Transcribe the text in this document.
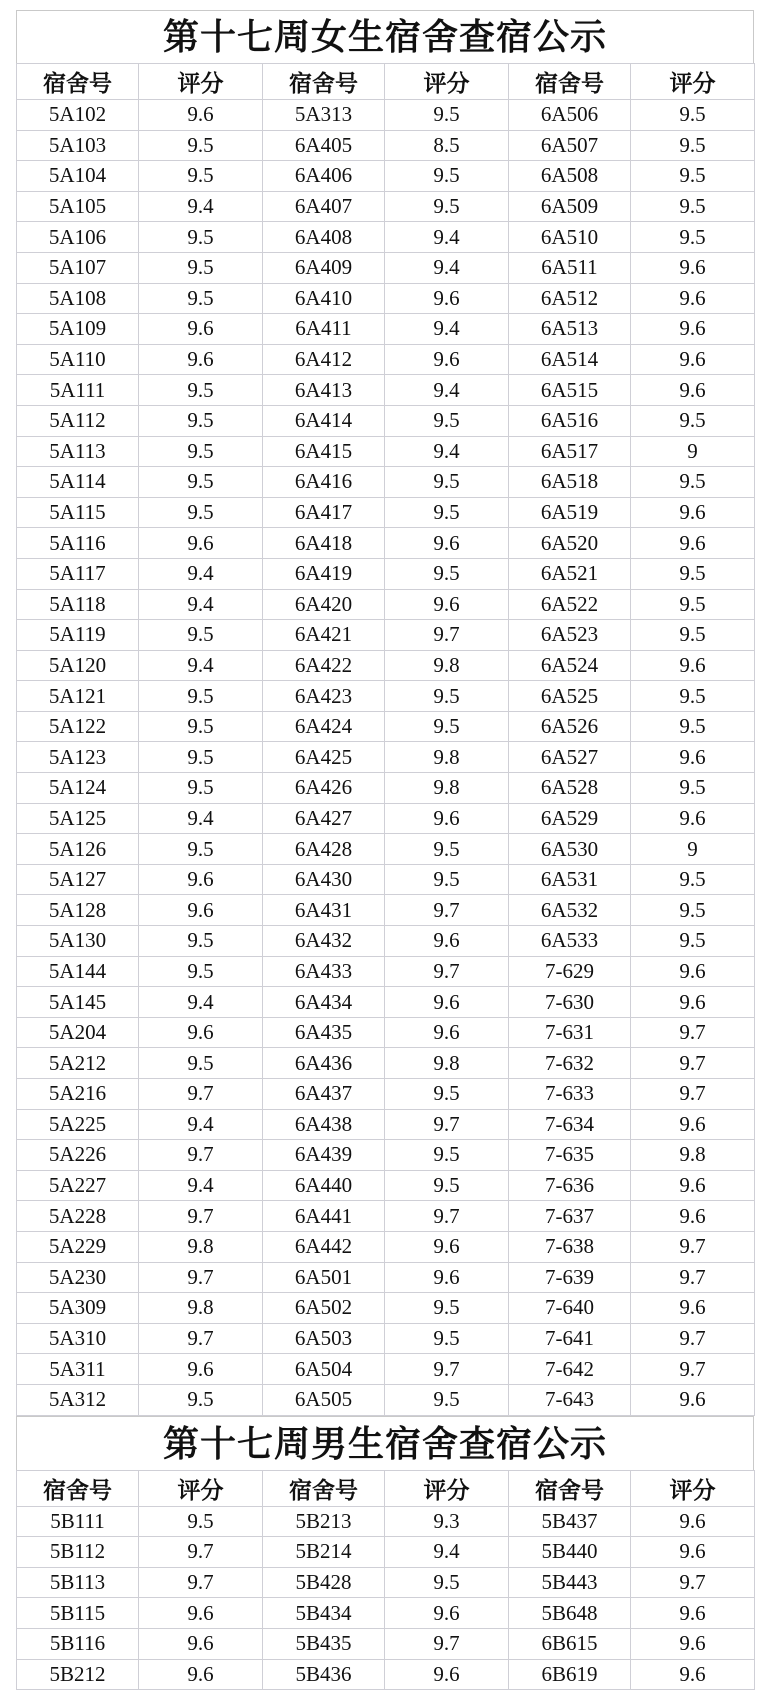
第十七周女生宿舍查宿公示
宿舍号	评分	宿舍号	评分	宿舍号	评分
5A102	9.6	5A313	9.5	6A506	9.5
5A103	9.5	6A405	8.5	6A507	9.5
5A104	9.5	6A406	9.5	6A508	9.5
5A105	9.4	6A407	9.5	6A509	9.5
5A106	9.5	6A408	9.4	6A510	9.5
5A107	9.5	6A409	9.4	6A511	9.6
5A108	9.5	6A410	9.6	6A512	9.6
5A109	9.6	6A411	9.4	6A513	9.6
5A110	9.6	6A412	9.6	6A514	9.6
5A111	9.5	6A413	9.4	6A515	9.6
5A112	9.5	6A414	9.5	6A516	9.5
5A113	9.5	6A415	9.4	6A517	9
5A114	9.5	6A416	9.5	6A518	9.5
5A115	9.5	6A417	9.5	6A519	9.6
5A116	9.6	6A418	9.6	6A520	9.6
5A117	9.4	6A419	9.5	6A521	9.5
5A118	9.4	6A420	9.6	6A522	9.5
5A119	9.5	6A421	9.7	6A523	9.5
5A120	9.4	6A422	9.8	6A524	9.6
5A121	9.5	6A423	9.5	6A525	9.5
5A122	9.5	6A424	9.5	6A526	9.5
5A123	9.5	6A425	9.8	6A527	9.6
5A124	9.5	6A426	9.8	6A528	9.5
5A125	9.4	6A427	9.6	6A529	9.6
5A126	9.5	6A428	9.5	6A530	9
5A127	9.6	6A430	9.5	6A531	9.5
5A128	9.6	6A431	9.7	6A532	9.5
5A130	9.5	6A432	9.6	6A533	9.5
5A144	9.5	6A433	9.7	7-629	9.6
5A145	9.4	6A434	9.6	7-630	9.6
5A204	9.6	6A435	9.6	7-631	9.7
5A212	9.5	6A436	9.8	7-632	9.7
5A216	9.7	6A437	9.5	7-633	9.7
5A225	9.4	6A438	9.7	7-634	9.6
5A226	9.7	6A439	9.5	7-635	9.8
5A227	9.4	6A440	9.5	7-636	9.6
5A228	9.7	6A441	9.7	7-637	9.6
5A229	9.8	6A442	9.6	7-638	9.7
5A230	9.7	6A501	9.6	7-639	9.7
5A309	9.8	6A502	9.5	7-640	9.6
5A310	9.7	6A503	9.5	7-641	9.7
5A311	9.6	6A504	9.7	7-642	9.7
5A312	9.5	6A505	9.5	7-643	9.6
第十七周男生宿舍查宿公示
宿舍号	评分	宿舍号	评分	宿舍号	评分
5B111	9.5	5B213	9.3	5B437	9.6
5B112	9.7	5B214	9.4	5B440	9.6
5B113	9.7	5B428	9.5	5B443	9.7
5B115	9.6	5B434	9.6	5B648	9.6
5B116	9.6	5B435	9.7	6B615	9.6
5B212	9.6	5B436	9.6	6B619	9.6
